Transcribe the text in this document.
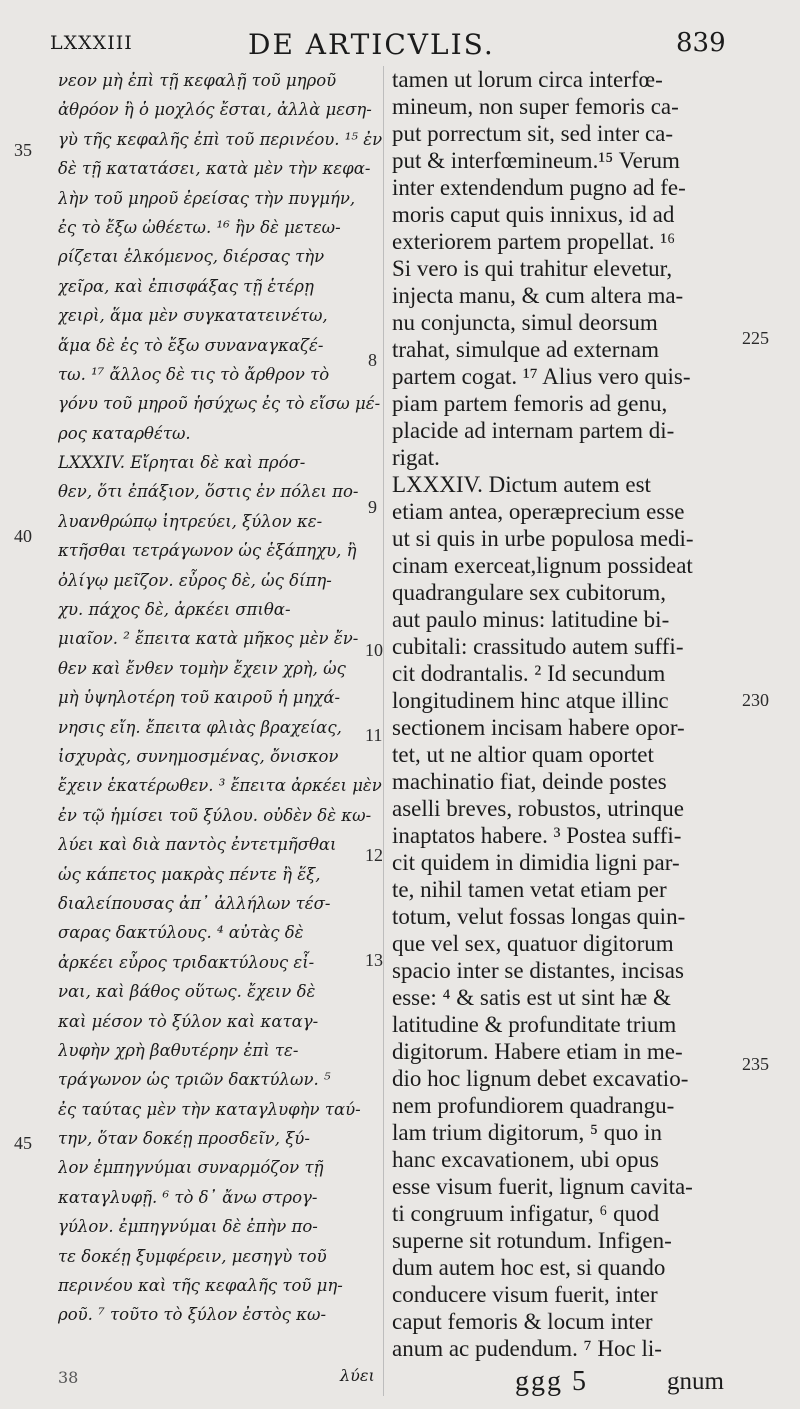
LXXXIII	DE ARTICVLIS.	839
νεον μὴ ἐπὶ τῇ κεφαλῇ τοῦ μηροῦ
ἀθρόον ἢ ὁ μοχλός ἔσται, ἀλλὰ μεση-
γὺ τῆς κεφαλῆς ἐπὶ τοῦ περινέου. ¹⁵ ἐν
δὲ τῇ κατατάσει, κατὰ μὲν τὴν κεφα-
λὴν τοῦ μηροῦ ἐρείσας τὴν πυγμήν,
ἐς τὸ ἔξω ὠθέετω. ¹⁶ ἢν δὲ μετεω-
ρίζεται ἑλκόμενος, διέρσας τὴν
χεῖρα, καὶ ἐπισφάξας τῇ ἑτέρῃ
χειρὶ, ἅμα μὲν συγκατατεινέτω,
ἅμα δὲ ἐς τὸ ἔξω συναναγκαζέ-
τω. ¹⁷ ἄλλος δὲ τις τὸ ἄρθρον τὸ
γόνυ τοῦ μηροῦ ἡσύχως ἐς τὸ εἴσω μέ-
ρος καταρθέτω.
LXXXIV. Εἴρηται δὲ καὶ πρόσ-
θεν, ὅτι ἐπάξιον, ὅστις ἐν πόλει πο-
λυανθρώπῳ ἰητρεύει, ξύλον κε-
κτῆσθαι τετράγωνον ὡς ἑξάπηχυ, ἢ
ὀλίγῳ μεῖζον. εὖρος δὲ, ὡς δίπη-
χυ. πάχος δὲ, ἀρκέει σπιθα-
μιαῖον. ² ἔπειτα κατὰ μῆκος μὲν ἔν-
θεν καὶ ἔνθεν τομὴν ἔχειν χρὴ, ὡς
μὴ ὑψηλοτέρη τοῦ καιροῦ ἡ μηχά-
νησις εἴη. ἔπειτα φλιὰς βραχείας,
ἰσχυρὰς, συνημοσμένας, ὄνισκον
ἔχειν ἑκατέρωθεν. ³ ἔπειτα ἀρκέει μὲν
ἐν τῷ ἡμίσει τοῦ ξύλου. οὐδὲν δὲ κω-
λύει καὶ διὰ παντὸς ἐντετμῆσθαι
ὡς κάπετος μακρὰς πέντε ἢ ἕξ,
διαλείπουσας ἀπ᾽ ἀλλήλων τέσ-
σαρας δακτύλους. ⁴ αὐτὰς δὲ
ἀρκέει εὖρος τριδακτύλους εἶ-
ναι, καὶ βάθος οὕτως. ἔχειν δὲ
καὶ μέσον τὸ ξύλον καὶ καταγ-
λυφὴν χρὴ βαθυτέρην ἐπὶ τε-
τράγωνον ὡς τριῶν δακτύλων. ⁵
ἐς ταύτας μὲν τὴν καταγλυφὴν ταύ-
την, ὅταν δοκέῃ προσδεῖν, ξύ-
λον ἐμπηγνύμαι συναρμόζον τῇ
καταγλυφῇ. ⁶ τὸ δ᾽ ἄνω στρογ-
γύλον. ἐμπηγνύμαι δὲ ἐπὴν πο-
τε δοκέῃ ξυμφέρειν, μεσηγὺ τοῦ
περινέου καὶ τῆς κεφαλῆς τοῦ μη-
ροῦ. ⁷ τοῦτο τὸ ξύλον ἐστὸς κω-
tamen ut lorum circa interfœ-
mineum, non super femoris ca-
put porrectum sit, sed inter ca-
put & interfœmineum.¹⁵ Verum
inter extendendum pugno ad fe-
moris caput quis innixus, id ad
exteriorem partem propellat. ¹⁶
Si vero is qui trahitur elevetur,
injecta manu, & cum altera ma-
nu conjuncta, simul deorsum
trahat, simulque ad externam
partem cogat. ¹⁷ Alius vero quis-
piam partem femoris ad genu,
placide ad internam partem di-
rigat.
LXXXIV. Dictum autem est
etiam antea, operæprecium esse
ut si quis in urbe populosa medi-
cinam exerceat,lignum possideat
quadrangulare sex cubitorum,
aut paulo minus: latitudine bi-
cubitali: crassitudo autem suffi-
cit dodrantalis. ² Id secundum
longitudinem hinc atque illinc
sectionem incisam habere opor-
tet, ut ne altior quam oportet
machinatio fiat, deinde postes
aselli breves, robustos, utrinque
inaptatos habere. ³ Postea suffi-
cit quidem in dimidia ligni par-
te, nihil tamen vetat etiam per
totum, velut fossas longas quin-
que vel sex, quatuor digitorum
spacio inter se distantes, incisas
esse: ⁴ & satis est ut sint hæ &
latitudine & profunditate trium
digitorum. Habere etiam in me-
dio hoc lignum debet excavatio-
nem profundiorem quadrangu-
lam trium digitorum, ⁵ quo in
hanc excavationem, ubi opus
esse visum fuerit, lignum cavita-
ti congruum infigatur, ⁶ quod
superne sit rotundum. Infigen-
dum autem hoc est, si quando
conducere visum fuerit, inter
caput femoris & locum inter
anum ac pudendum. ⁷ Hoc li-
35
40
45
8
9
10
11
12
13
225
230
235
38	λύει	ggg 5	gnum
